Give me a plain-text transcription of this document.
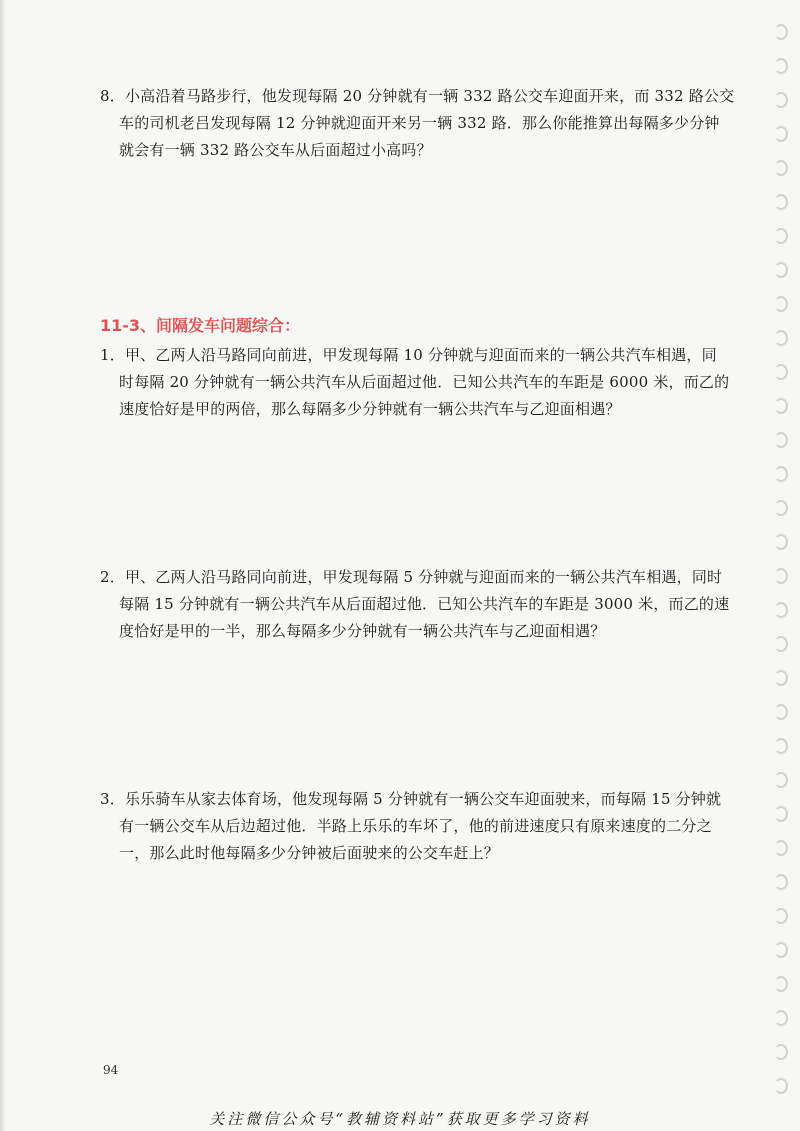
8．小高沿着马路步行，他发现每隔 20 分钟就有一辆 332 路公交车迎面开来，而 332 路公交
车的司机老吕发现每隔 12 分钟就迎面开来另一辆 332 路．那么你能推算出每隔多少分钟
就会有一辆 332 路公交车从后面超过小高吗？
11-3、间隔发车问题综合：
1．甲、乙两人沿马路同向前进，甲发现每隔 10 分钟就与迎面而来的一辆公共汽车相遇，同
时每隔 20 分钟就有一辆公共汽车从后面超过他．已知公共汽车的车距是 6000 米，而乙的
速度恰好是甲的两倍，那么每隔多少分钟就有一辆公共汽车与乙迎面相遇？
2．甲、乙两人沿马路同向前进，甲发现每隔 5 分钟就与迎面而来的一辆公共汽车相遇，同时
每隔 15 分钟就有一辆公共汽车从后面超过他．已知公共汽车的车距是 3000 米，而乙的速
度恰好是甲的一半，那么每隔多少分钟就有一辆公共汽车与乙迎面相遇？
3．乐乐骑车从家去体育场，他发现每隔 5 分钟就有一辆公交车迎面驶来，而每隔 15 分钟就
有一辆公交车从后边超过他．半路上乐乐的车坏了，他的前进速度只有原来速度的二分之
一，那么此时他每隔多少分钟被后面驶来的公交车赶上？
94
关注微信公众号“教辅资料站”获取更多学习资料
